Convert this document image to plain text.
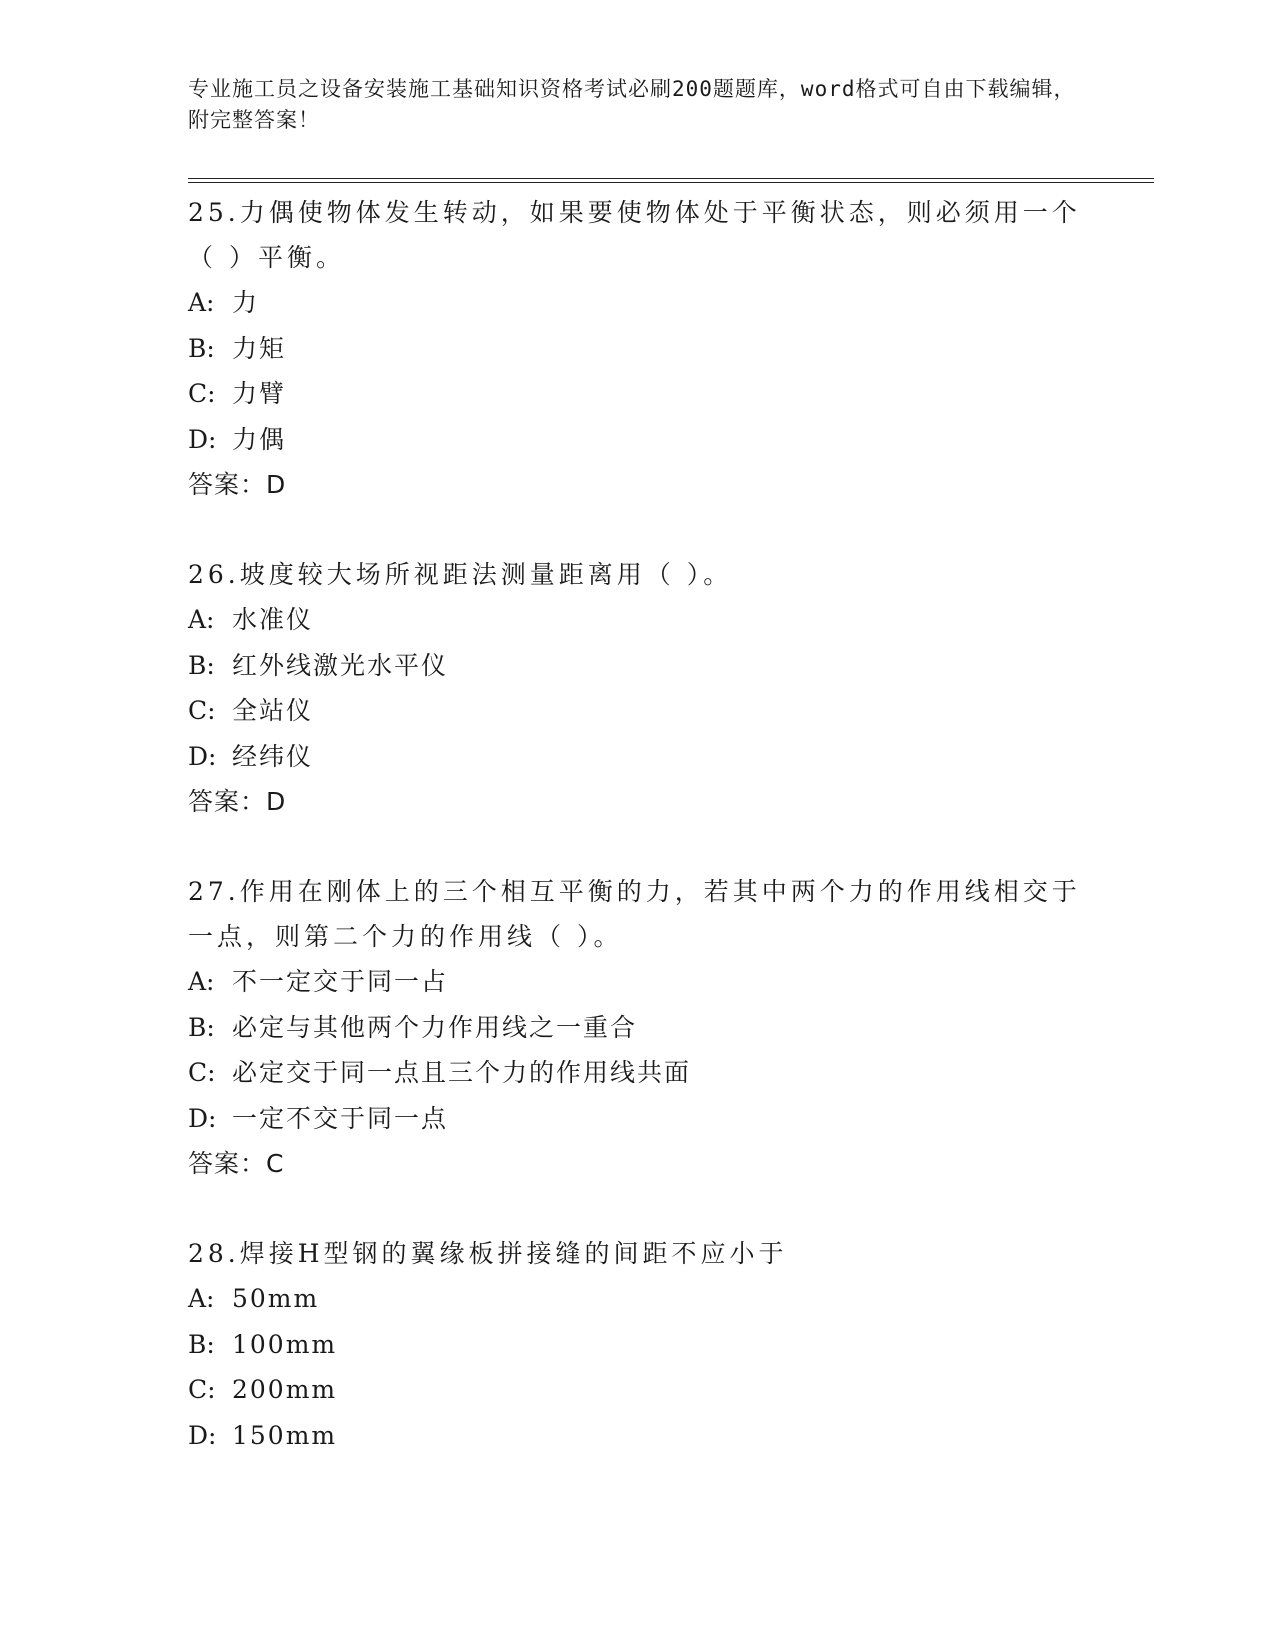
专业施工员之设备安装施工基础知识资格考试必刷200题题库，word格式可自由下载编辑，附完整答案！
25.力偶使物体发生转动，如果要使物体处于平衡状态，则必须用一个（ ）平衡。
A: 力
B: 力矩
C: 力臂
D: 力偶
答案：D
26.坡度较大场所视距法测量距离用（ ）。
A: 水准仪
B: 红外线激光水平仪
C: 全站仪
D: 经纬仪
答案：D
27.作用在刚体上的三个相互平衡的力，若其中两个力的作用线相交于一点，则第二个力的作用线（ ）。
A: 不一定交于同一占
B: 必定与其他两个力作用线之一重合
C: 必定交于同一点且三个力的作用线共面
D: 一定不交于同一点
答案：C
28.焊接H型钢的翼缘板拼接缝的间距不应小于
A: 50mm
B: 100mm
C: 200mm
D: 150mm
